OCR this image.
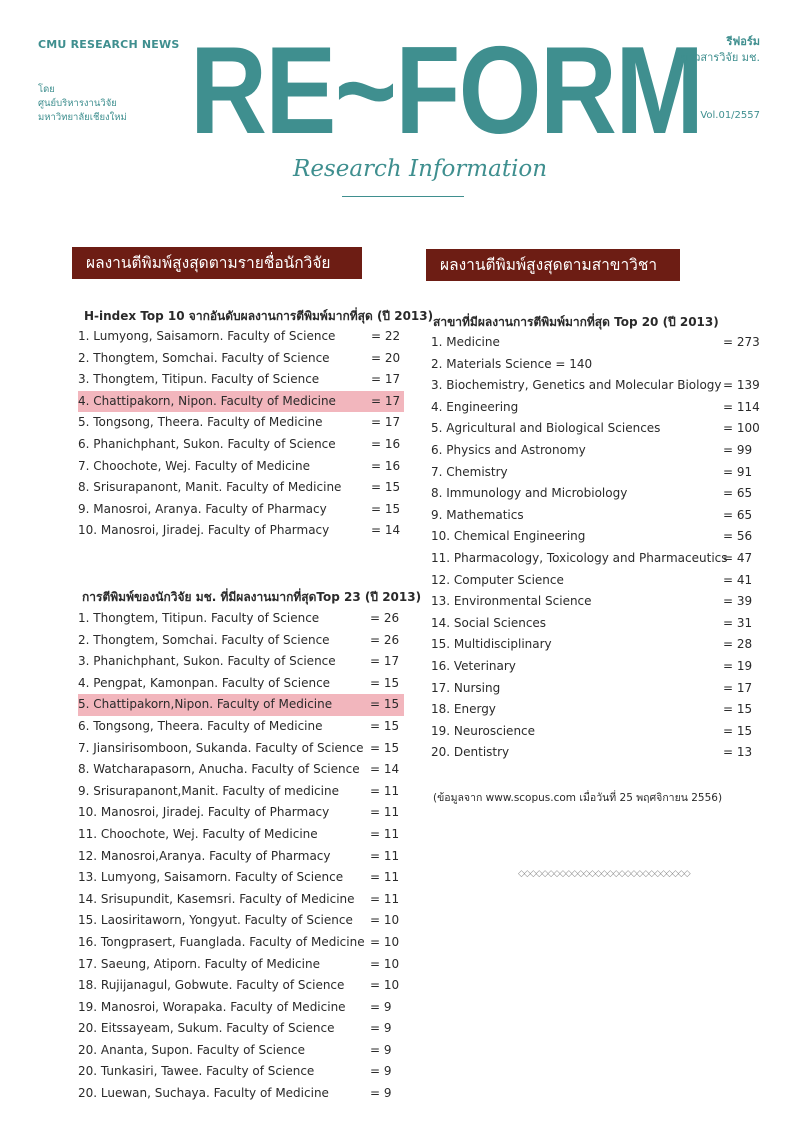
CMU RESEARCH NEWS
โดย
ศูนย์บริหารงานวิจัย
มหาวิทยาลัยเชียงใหม่ RE~FORM
Research Information
รีฟอร์ม
ข่าวสารวิจัย มช.
Vol.01/2557
ผลงานตีพิมพ์สูงสุดตามรายชื่อนักวิจัย	ผลงานตีพิมพ์สูงสุดตามสาขาวิชา
H-index Top 10 จากอันดับผลงานการตีพิมพ์มากที่สุด (ปี 2013)
1. Lumyong, Saisamorn. Faculty of Science	= 22
2. Thongtem, Somchai. Faculty of Science	= 20
3. Thongtem, Titipun. Faculty of Science	= 17
4. Chattipakorn, Nipon. Faculty of Medicine	= 17
5. Tongsong, Theera. Faculty of Medicine	= 17
6. Phanichphant, Sukon. Faculty of Science	= 16
7. Choochote, Wej. Faculty of Medicine	= 16
8. Srisurapanont, Manit. Faculty of Medicine = 15
9. Manosroi, Aranya. Faculty of Pharmacy	= 15
10. Manosroi, Jiradej. Faculty of Pharmacy	= 14
การตีพิมพ์ของนักวิจัย มช. ที่มีผลงานมากที่สุดTop 23 (ปี 2013)
1. Thongtem, Titipun. Faculty of Science	= 26
2. Thongtem, Somchai. Faculty of Science	= 26
3. Phanichphant, Sukon. Faculty of Science	= 17
4. Pengpat, Kamonpan. Faculty of Science	= 15
5. Chattipakorn,Nipon. Faculty of Medicine	= 15
6. Tongsong, Theera. Faculty of Medicine	= 15
7. Jiansirisomboon, Sukanda. Faculty of Science = 15
8. Watcharapasorn, Anucha. Faculty of Science = 14
9. Srisurapanont,Manit. Faculty of medicine	= 11
10. Manosroi, Jiradej. Faculty of Pharmacy	= 11
11. Choochote, Wej. Faculty of Medicine	= 11
12. Manosroi,Aranya. Faculty of Pharmacy	= 11
13. Lumyong, Saisamorn. Faculty of Science = 11
14. Srisupundit, Kasemsri. Faculty of Medicine = 11
15. Laosiritaworn, Yongyut. Faculty of Science = 10
16. Tongprasert, Fuanglada. Faculty of Medicine = 10
17. Saeung, Atiporn. Faculty of Medicine	= 10
18. Rujijanagul, Gobwute. Faculty of Science = 10
19. Manosroi, Worapaka. Faculty of Medicine = 9
20. Eitssayeam, Sukum. Faculty of Science	= 9
20. Ananta, Supon. Faculty of Science	= 9
20. Tunkasiri, Tawee. Faculty of Science	= 9
20. Luewan, Suchaya. Faculty of Medicine	= 9
สาขาที่มีผลงานการตีพิมพ์มากที่สุด Top 20 (ปี 2013)
1. Medicine	= 273
2. Materials Science = 140
3. Biochemistry, Genetics and Molecular Biology = 139
4. Engineering	= 114
5. Agricultural and Biological Sciences	= 100
6. Physics and Astronomy	= 99
7. Chemistry	= 91
8. Immunology and Microbiology	= 65
9. Mathematics	= 65
10. Chemical Engineering	= 56
11. Pharmacology, Toxicology and Pharmaceutics
= 47
12. Computer Science	= 41
13. Environmental Science	= 39
14. Social Sciences	= 31
15. Multidisciplinary	= 28
16. Veterinary	= 19
17. Nursing	= 17
18. Energy	= 15
19. Neuroscience	= 15
20. Dentistry	= 13
(ข้อมูลจาก www.scopus.com เมื่อวันที่ 25 พฤศจิกายน 2556)
◇◇◇◇◇◇◇◇◇◇◇◇◇◇◇◇◇◇◇◇◇◇◇◇◇◇◇◇◇
